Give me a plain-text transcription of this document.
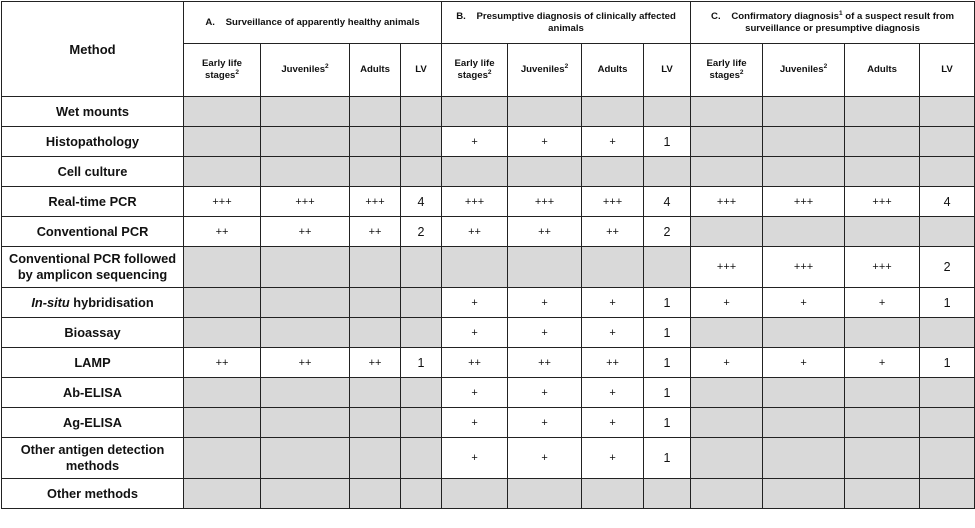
Method	A. Surveillance of apparently healthy animals				B. Presumptive diagnosis of clinically affected animals				C. Confirmatory diagnosis$^1$ of a suspect result from surveillance or presumptive diagnosis			
	Early life stages$^2$	Juveniles$^2$	Adults	LV	Early life stages$^2$	Juveniles$^2$	Adults	LV	Early life stages$^2$	Juveniles$^2$	Adults	LV
Wet mounts												
Histopathology					+	+	+	1				
Cell culture												
Real-time PCR	+++	+++	+++	4	+++	+++	+++	4	+++	+++	+++	4
Conventional PCR	++	++	++	2	++	++	++	2				
Conventional PCR followed by amplicon sequencing									+++	+++	+++	2
In-situ hybridisation					+	+	+	1	+	+	+	1
Bioassay					+	+	+	1				
LAMP	++	++	++	1	++	++	++	1	+	+	+	1
Ab-ELISA					+	+	+	1				
Ag-ELISA					+	+	+	1				
Other antigen detection methods					+	+	+	1				
Other methods												
